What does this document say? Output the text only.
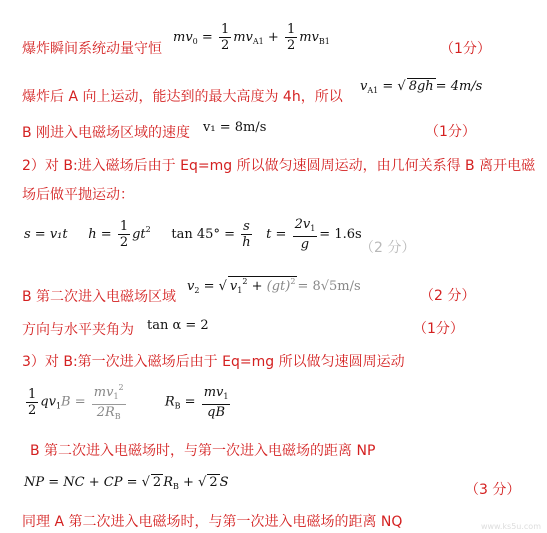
爆炸瞬间系统动量守恒
$mv_0 = \frac{1}{2} mv_{A1} + \frac{1}{2} mv_{B1}$	（1分）
爆炸后 A 向上运动，能达到的最大高度为 4h，所以
$v_{A1}$ = √ 8gh = 4m/s
B 刚进入电磁场区域的速度 v₁ = 8m/s	（1分）
2）对 B:进入磁场后由于 Eq=mg 所以做匀速圆周运动，由几何关系得 B 离开电磁
场后做平抛运动：
s = v₁t     $h = \frac{1}{2} gt^2$ $\tan 45^\circ = \frac{s}{h}$ $t = \frac{2v_1}{g} = 1.6s$
（2 分）
B 第二次进入电磁场区域
$v_2$ = √ $v_1^2 + (gt)^2 = 8√5m/s$
（2 分）
方向与水平夹角为 tan α = 2	（1分）
3）对 B:第一次进入磁场后由于 Eq=mg 所以做匀速圆周运动
$\frac{1}{2} qv_1B = \frac{mv_1^2}{2R_B} R_B = \frac{mv_1}{qB}$
B 第二次进入电磁场时，与第一次进入电磁场的距离 NP
NP = NC + CP = √ 2 $R_B$ + √ 2 S	（3 分）
同理 A 第二次进入电磁场时，与第一次进入电磁场的距离 NQ	www.ks5u.com
